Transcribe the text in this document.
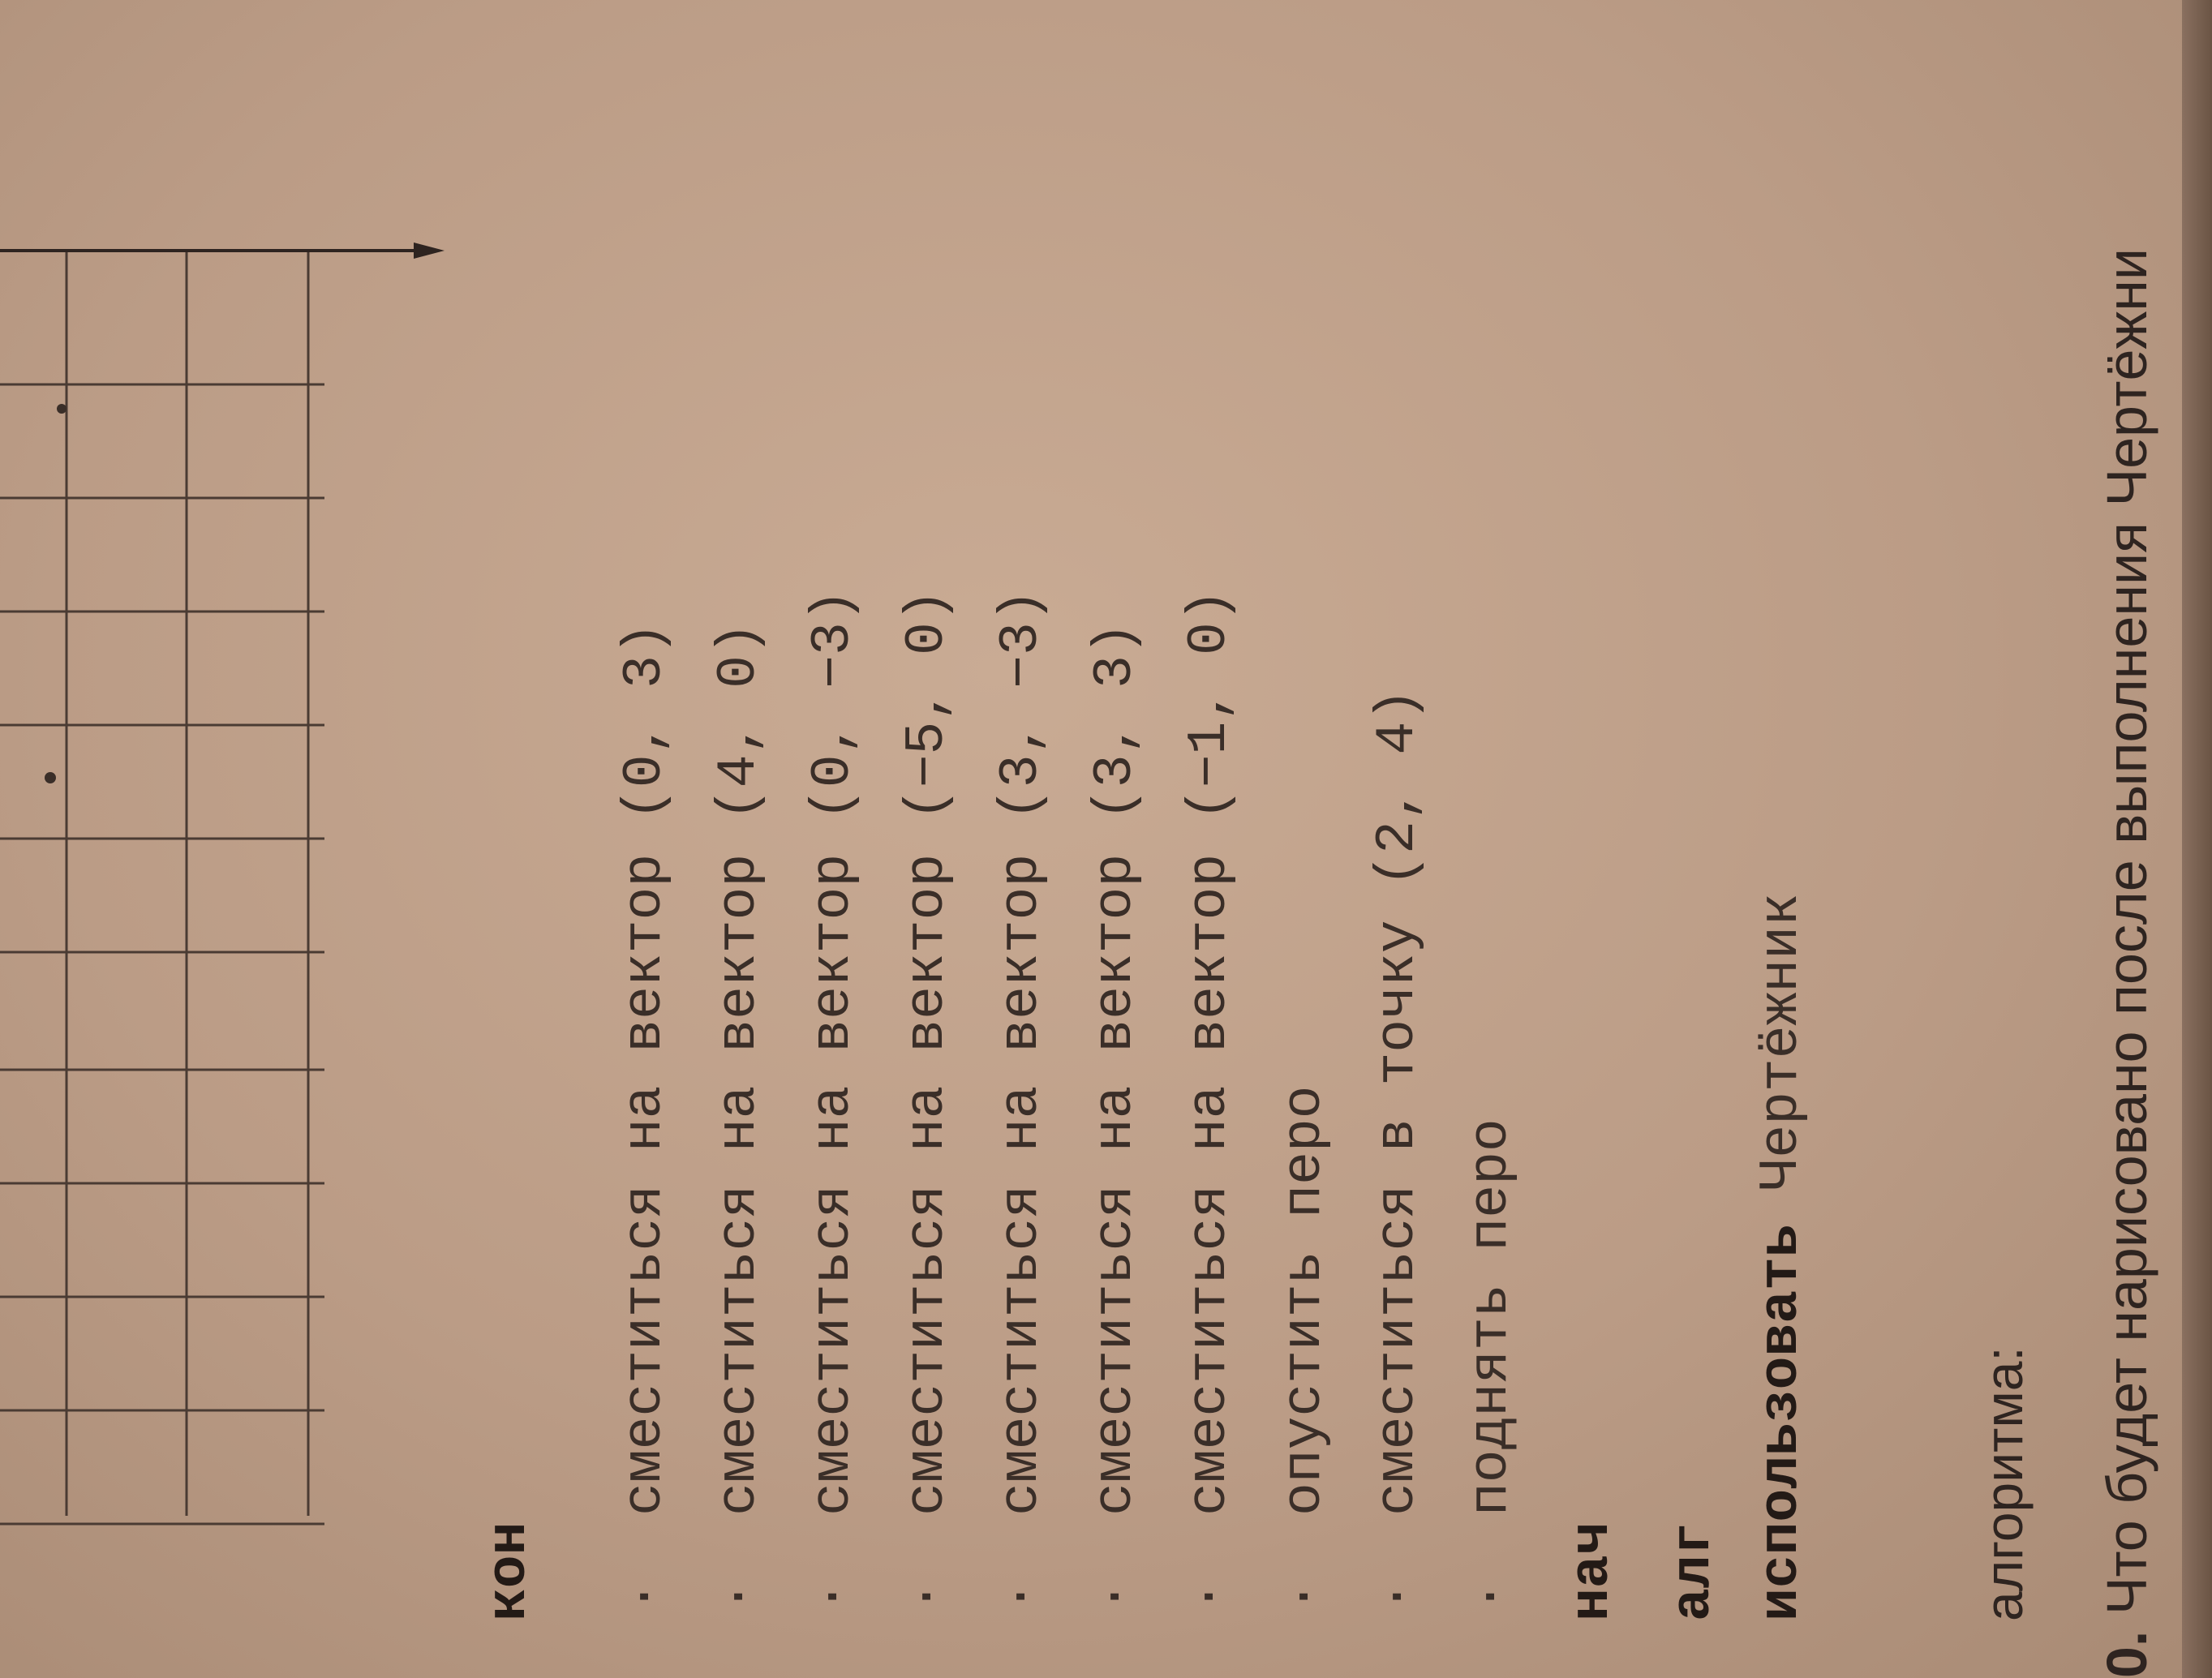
0. Что будет нарисовано после выполнения Чертёжни
алгоритма:
использовать Чертёжник
алг
нач
·поднять перо
·сместиться в точку (2, 4)
·опустить перо
·сместиться на вектор (−1, 0)
·сместиться на вектор (3, 3)
·сместиться на вектор (3, −3)
·сместиться на вектор (−5, 0)
·сместиться на вектор (0, −3)
·сместиться на вектор (4, 0)
·сместиться на вектор (0, 3)
кон
